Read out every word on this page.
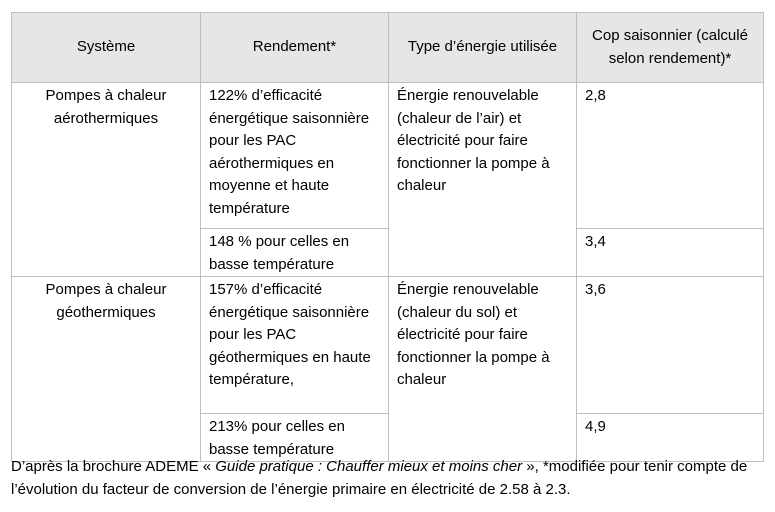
Système	Rendement*	Type d’énergie utilisée	Cop saisonnier (calculé selon rendement)*
Pompes à chaleur aérothermiques	122% d’efficacité énergétique saisonnière pour les PAC aérothermiques en moyenne et haute température	Énergie renouvelable (chaleur de l’air) et électricité pour faire fonctionner la pompe à chaleur	2,8
	148 % pour celles en basse température		3,4
Pompes à chaleur géothermiques	157% d’efficacité énergétique saisonnière pour les PAC géothermiques en haute température,	Énergie renouvelable (chaleur du sol) et électricité pour faire fonctionner la pompe à chaleur	3,6
	213% pour celles en basse température		4,9
D’après la brochure ADEME « Guide pratique : Chauffer mieux et moins cher », *modifiée pour tenir compte de l’évolution du facteur de conversion de l’énergie primaire en électricité de 2.58 à 2.3.
